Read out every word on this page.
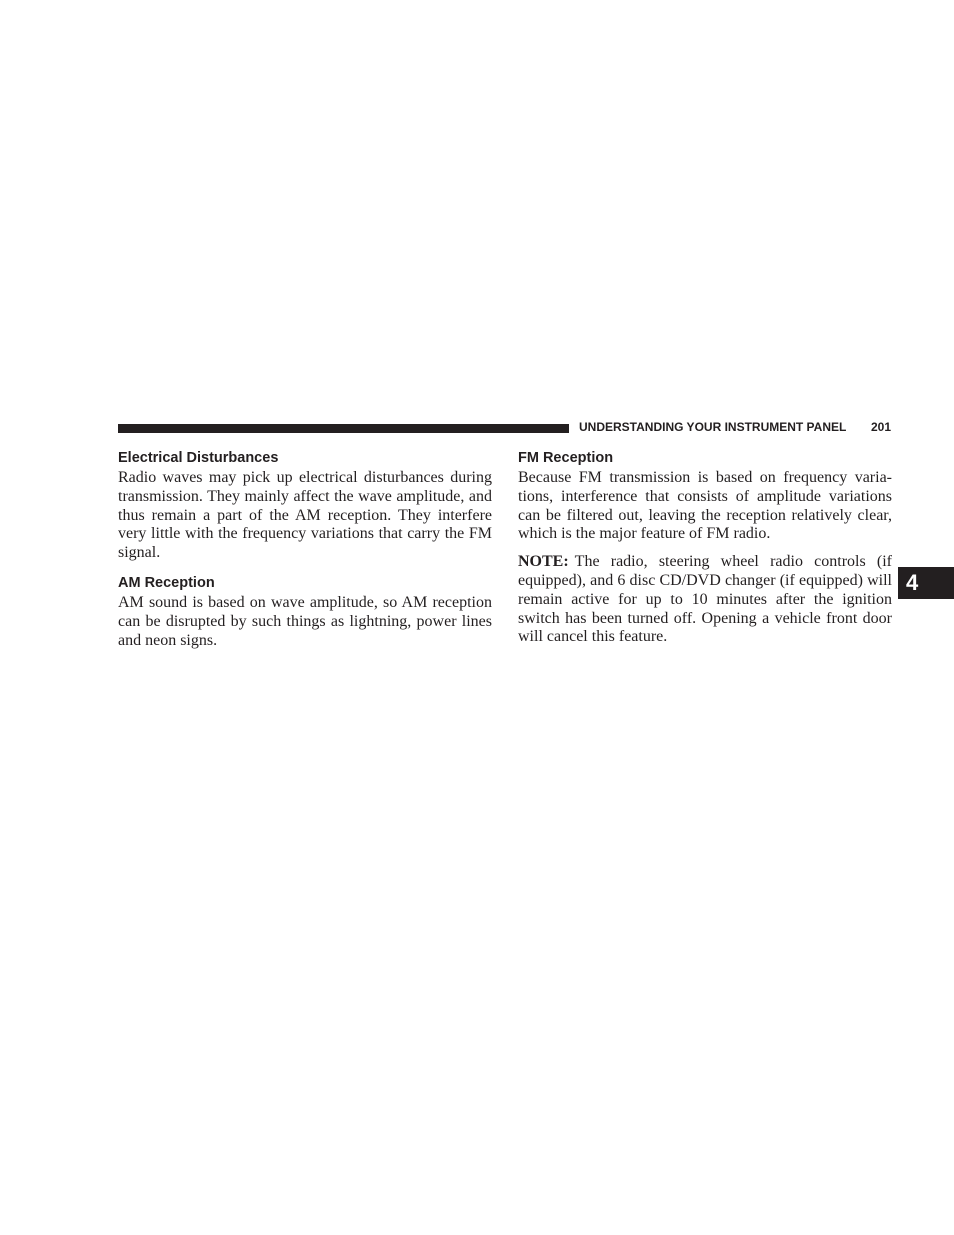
UNDERSTANDING YOUR INSTRUMENT PANEL 201
Electrical Disturbances

Radio waves may pick up electrical disturbances during transmission. They mainly affect the wave amplitude, and thus remain a part of the AM reception. They interfere very little with the frequency variations that carry the FM signal.

AM Reception

AM sound is based on wave amplitude, so AM reception can be disrupted by such things as lightning, power lines and neon signs.

FM Reception

Because FM transmission is based on frequency varia-tions, interference that consists of amplitude variations can be filtered out, leaving the reception relatively clear, which is the major feature of FM radio.

NOTE: The radio, steering wheel radio controls (if equipped), and 6 disc CD/DVD changer (if equipped) will remain active for up to 10 minutes after the ignition switch has been turned off. Opening a vehicle front door will cancel this feature.

4
